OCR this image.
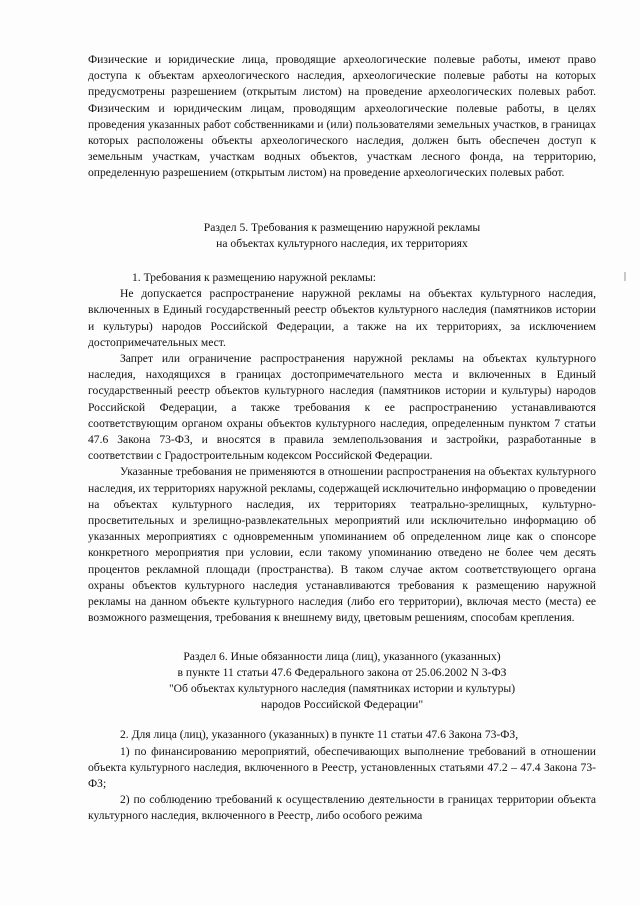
Физические и юридические лица, проводящие археологические полевые работы, имеют право доступа к объектам археологического наследия, археологические полевые работы на которых предусмотрены разрешением (открытым листом) на проведение археологических полевых работ. Физическим и юридическим лицам, проводящим археологические полевые работы, в целях проведения указанных работ собственниками и (или) пользователями земельных участков, в границах которых расположены объекты археологического наследия, должен быть обеспечен доступ к земельным участкам, участкам водных объектов, участкам лесного фонда, на территорию, определенную разрешением (открытым листом) на проведение археологических полевых работ.

Раздел 5. Требования к размещению наружной рекламы

на объектах культурного наследия, их территориях

1. Требования к размещению наружной рекламы:

Не допускается распространение наружной рекламы на объектах культурного наследия, включенных в Единый государственный реестр объектов культурного наследия (памятников истории и культуры) народов Российской Федерации, а также на их территориях, за исключением достопримечательных мест.

Запрет или ограничение распространения наружной рекламы на объектах культурного наследия, находящихся в границах достопримечательного места и включенных в Единый государственный реестр объектов культурного наследия (памятников истории и культуры) народов Российской Федерации, а также требования к ее распространению устанавливаются соответствующим органом охраны объектов культурного наследия, определенным пунктом 7 статьи 47.6 Закона 73-ФЗ, и вносятся в правила землепользования и застройки, разработанные в соответствии с Градостроительным кодексом Российской Федерации.

Указанные требования не применяются в отношении распространения на объектах культурного наследия, их территориях наружной рекламы, содержащей исключительно информацию о проведении на объектах культурного наследия, их территориях театрально-зрелищных, культурно-просветительных и зрелищно-развлекательных мероприятий или исключительно информацию об указанных мероприятиях с одновременным упоминанием об определенном лице как о спонсоре конкретного мероприятия при условии, если такому упоминанию отведено не более чем десять процентов рекламной площади (пространства). В таком случае актом соответствующего органа охраны объектов культурного наследия устанавливаются требования к размещению наружной рекламы на данном объекте культурного наследия (либо его территории), включая место (места) ее возможного размещения, требования к внешнему виду, цветовым решениям, способам крепления.

Раздел 6. Иные обязанности лица (лиц), указанного (указанных)

в пункте 11 статьи 47.6 Федерального закона от 25.06.2002 N 3-ФЗ

"Об объектах культурного наследия (памятниках истории и культуры)

народов Российской Федерации"

2. Для лица (лиц), указанного (указанных) в пункте 11 статьи 47.6 Закона 73-ФЗ,

1) по финансированию мероприятий, обеспечивающих выполнение требований в отношении объекта культурного наследия, включенного в Реестр, установленных статьями 47.2 – 47.4 Закона 73-ФЗ;

2) по соблюдению требований к осуществлению деятельности в границах территории объекта культурного наследия, включенного в Реестр, либо особого режима
